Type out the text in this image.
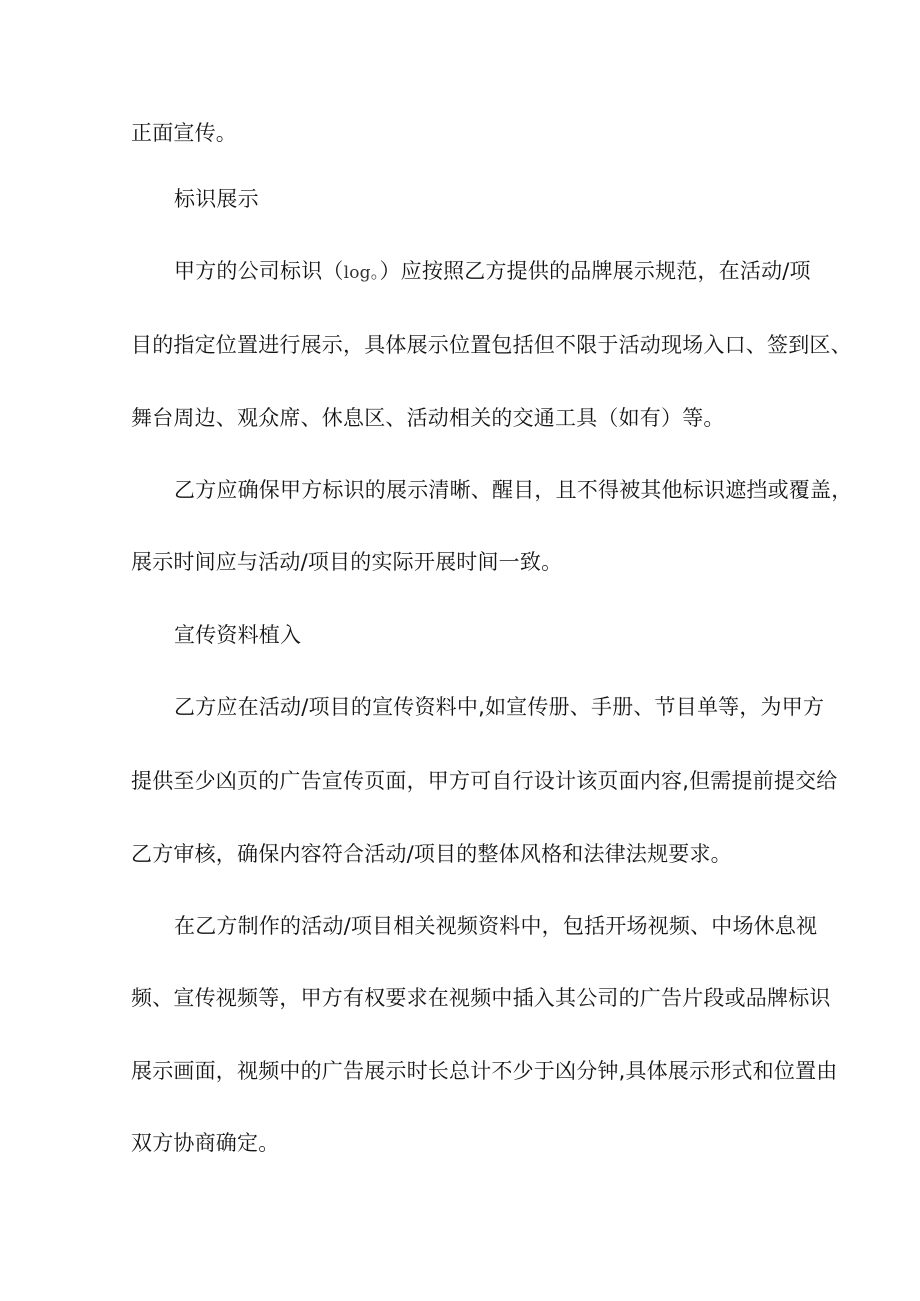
正面宣传。
标识展示
甲方的公司标识（log。）应按照乙方提供的品牌展示规范，在活动/项
目的指定位置进行展示，具体展示位置包括但不限于活动现场入口、签到区、
舞台周边、观众席、休息区、活动相关的交通工具（如有）等。
乙方应确保甲方标识的展示清晰、醒目，且不得被其他标识遮挡或覆盖，
展示时间应与活动/项目的实际开展时间一致。
宣传资料植入
乙方应在活动/项目的宣传资料中,如宣传册、手册、节目单等，为甲方
提供至少凶页的广告宣传页面，甲方可自行设计该页面内容,但需提前提交给
乙方审核，确保内容符合活动/项目的整体风格和法律法规要求。
在乙方制作的活动/项目相关视频资料中，包括开场视频、中场休息视
频、宣传视频等，甲方有权要求在视频中插入其公司的广告片段或品牌标识
展示画面，视频中的广告展示时长总计不少于凶分钟,具体展示形式和位置由
双方协商确定。
